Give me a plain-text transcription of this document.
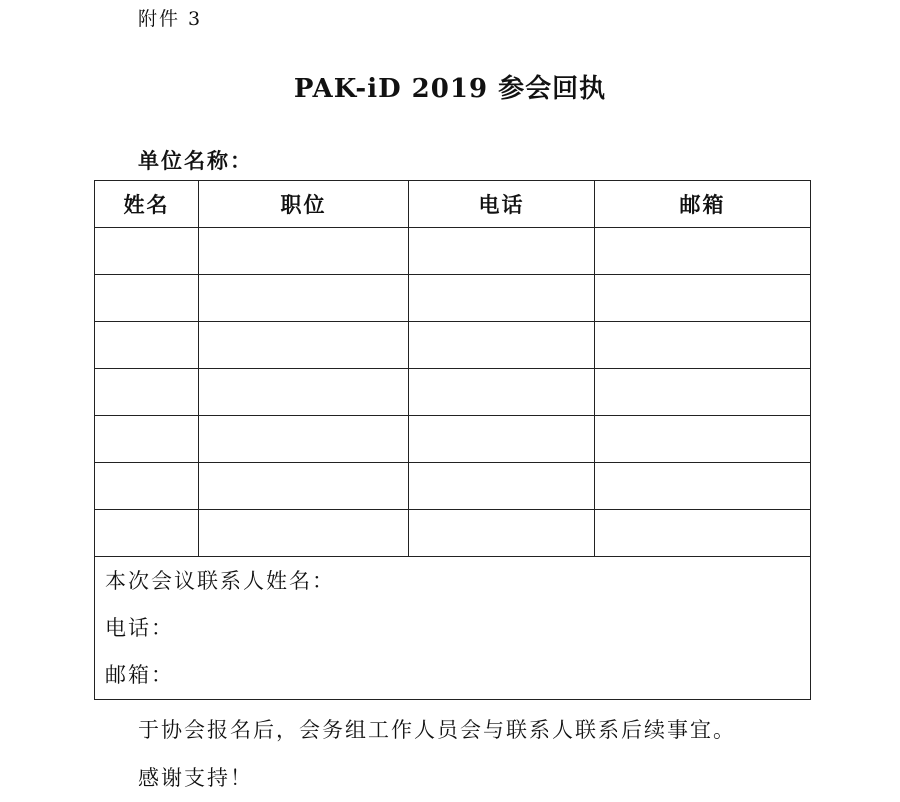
附件 3
PAK-iD 2019 参会回执
单位名称：
姓名	职位	电话	邮箱

本次会议联系人姓名：
电话：
邮箱：			
于协会报名后，会务组工作人员会与联系人联系后续事宜。
感谢支持！
